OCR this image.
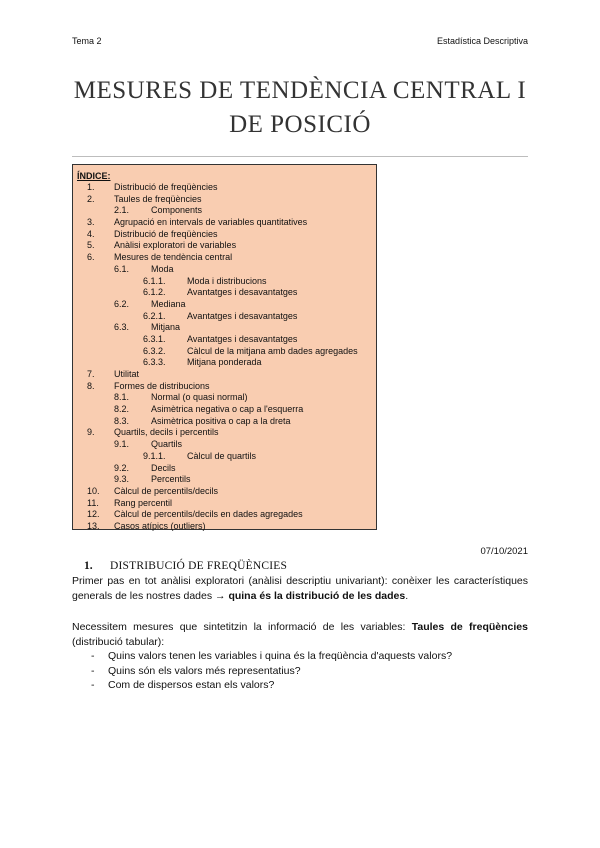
Tema 2	Estadística Descriptiva
MESURES DE TENDÈNCIA CENTRAL I
DE POSICIÓ
ÍNDICE:
1. Distribució de freqüències
2. Taules de freqüències
2.1. Components
3. Agrupació en intervals de variables quantitatives
4. Distribució de freqüències
5. Anàlisi exploratori de variables
6. Mesures de tendència central
6.1. Moda
6.1.1. Moda i distribucions
6.1.2. Avantatges i desavantatges
6.2. Mediana
6.2.1. Avantatges i desavantatges
6.3. Mitjana
6.3.1. Avantatges i desavantatges
6.3.2. Càlcul de la mitjana amb dades agregades
6.3.3. Mitjana ponderada
7. Utilitat
8. Formes de distribucions
8.1. Normal (o quasi normal)
8.2. Asimètrica negativa o cap a l'esquerra
8.3. Asimètrica positiva o cap a la dreta
9. Quartils, decils i percentils
9.1. Quartils
9.1.1. Càlcul de quartils
9.2. Decils
9.3. Percentils
10. Càlcul de percentils/decils
11. Rang percentil
12. Càlcul de percentils/decils en dades agregades
13. Casos atípics (outliers)
07/10/2021
1. DISTRIBUCIÓ DE FREQÜÈNCIES
Primer pas en tot anàlisi exploratori (anàlisi descriptiu univariant): conèixer les característiques generals de les nostres dades → quina és la distribució de les dades.
Necessitem mesures que sintetitzin la informació de les variables: Taules de freqüències (distribució tabular):
- Quins valors tenen les variables i quina és la freqüència d'aquests valors?
- Quins són els valors més representatius?
- Com de dispersos estan els valors?
